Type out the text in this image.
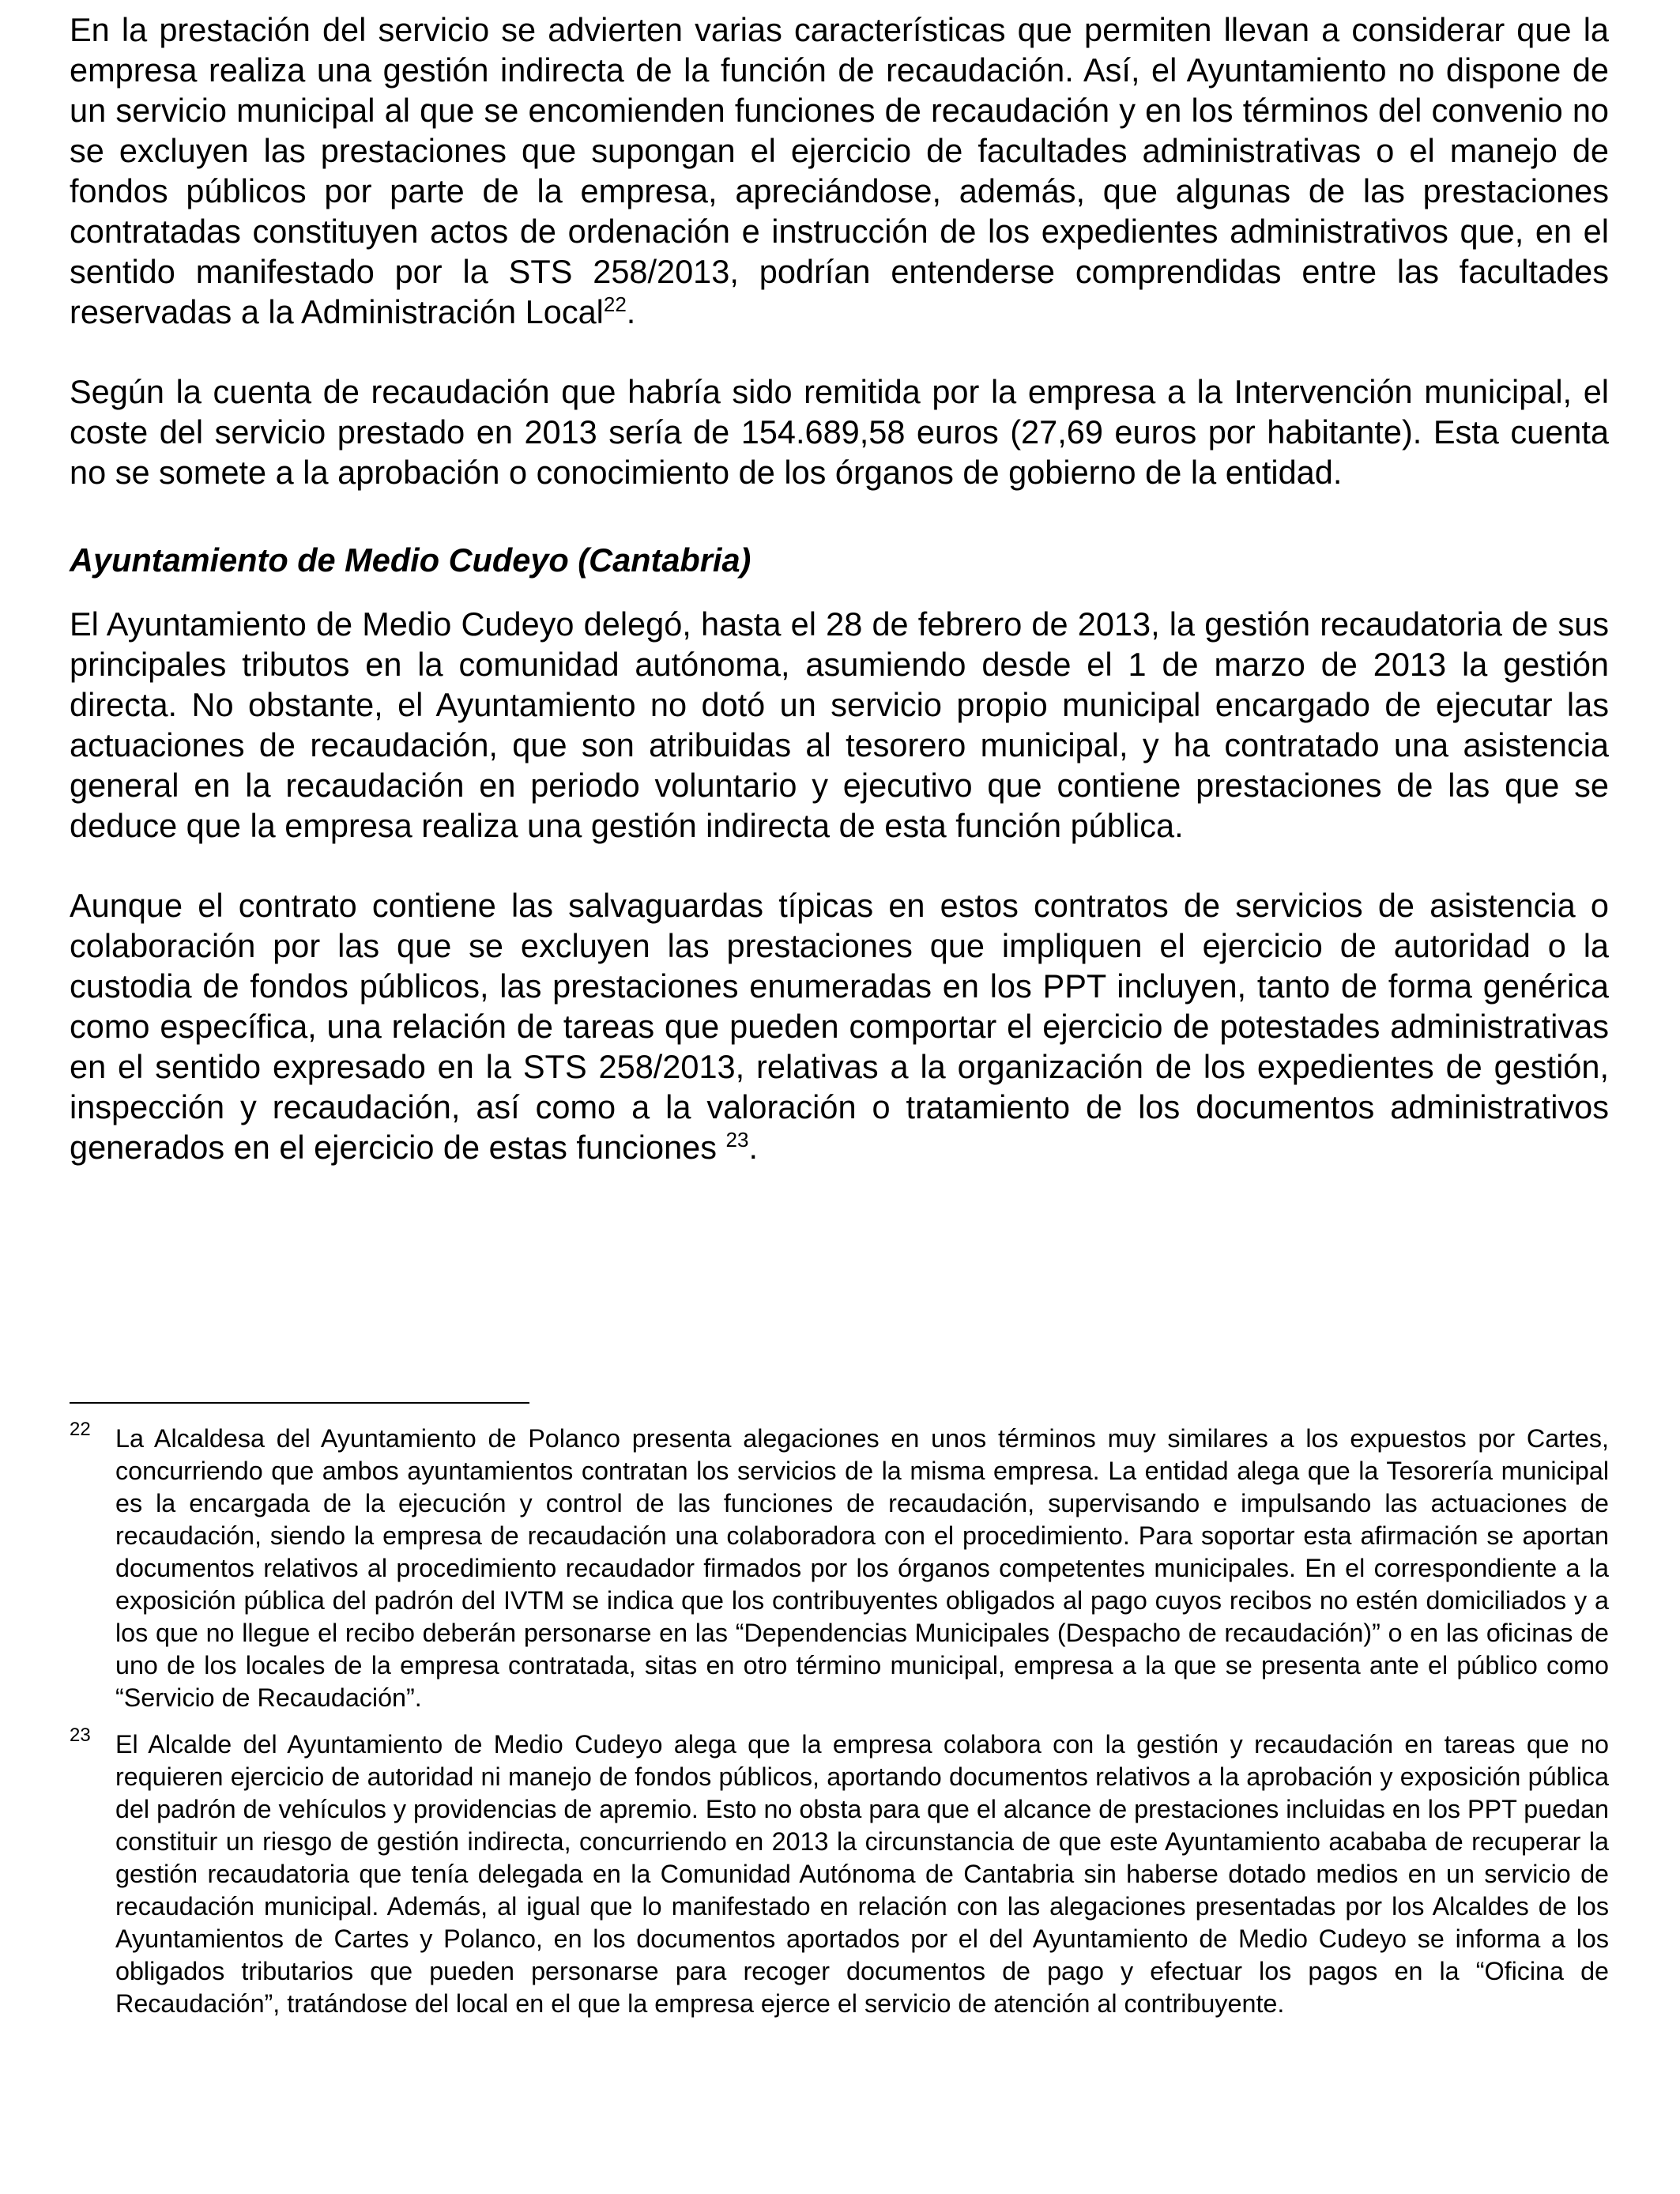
En la prestación del servicio se advierten varias características que permiten llevan a considerar que la empresa realiza una gestión indirecta de la función de recaudación. Así, el Ayuntamiento no dispone de un servicio municipal al que se encomienden funciones de recaudación y en los términos del convenio no se excluyen las prestaciones que supongan el ejercicio de facultades administrativas o el manejo de fondos públicos por parte de la empresa, apreciándose, además, que algunas de las prestaciones contratadas constituyen actos de ordenación e instrucción de los expedientes administrativos que, en el sentido manifestado por la STS 258/2013, podrían entenderse comprendidas entre las facultades reservadas a la Administración Local$^{22}$.

Según la cuenta de recaudación que habría sido remitida por la empresa a la Intervención municipal, el coste del servicio prestado en 2013 sería de 154.689,58 euros (27,69 euros por habitante). Esta cuenta no se somete a la aprobación o conocimiento de los órganos de gobierno de la entidad.

Ayuntamiento de Medio Cudeyo (Cantabria)

El Ayuntamiento de Medio Cudeyo delegó, hasta el 28 de febrero de 2013, la gestión recaudatoria de sus principales tributos en la comunidad autónoma, asumiendo desde el 1 de marzo de 2013 la gestión directa. No obstante, el Ayuntamiento no dotó un servicio propio municipal encargado de ejecutar las actuaciones de recaudación, que son atribuidas al tesorero municipal, y ha contratado una asistencia general en la recaudación en periodo voluntario y ejecutivo que contiene prestaciones de las que se deduce que la empresa realiza una gestión indirecta de esta función pública.

Aunque el contrato contiene las salvaguardas típicas en estos contratos de servicios de asistencia o colaboración por las que se excluyen las prestaciones que impliquen el ejercicio de autoridad o la custodia de fondos públicos, las prestaciones enumeradas en los PPT incluyen, tanto de forma genérica como específica, una relación de tareas que pueden comportar el ejercicio de potestades administrativas en el sentido expresado en la STS 258/2013, relativas a la organización de los expedientes de gestión, inspección y recaudación, así como a la valoración o tratamiento de los documentos administrativos generados en el ejercicio de estas funciones $^{23}$.

22 La Alcaldesa del Ayuntamiento de Polanco presenta alegaciones en unos términos muy similares a los expuestos por Cartes, concurriendo que ambos ayuntamientos contratan los servicios de la misma empresa. La entidad alega que la Tesorería municipal es la encargada de la ejecución y control de las funciones de recaudación, supervisando e impulsando las actuaciones de recaudación, siendo la empresa de recaudación una colaboradora con el procedimiento. Para soportar esta afirmación se aportan documentos relativos al procedimiento recaudador firmados por los órganos competentes municipales. En el correspondiente a la exposición pública del padrón del IVTM se indica que los contribuyentes obligados al pago cuyos recibos no estén domiciliados y a los que no llegue el recibo deberán personarse en las “Dependencias Municipales (Despacho de recaudación)” o en las oficinas de uno de los locales de la empresa contratada, sitas en otro término municipal, empresa a la que se presenta ante el público como “Servicio de Recaudación”.

23 El Alcalde del Ayuntamiento de Medio Cudeyo alega que la empresa colabora con la gestión y recaudación en tareas que no requieren ejercicio de autoridad ni manejo de fondos públicos, aportando documentos relativos a la aprobación y exposición pública del padrón de vehículos y providencias de apremio. Esto no obsta para que el alcance de prestaciones incluidas en los PPT puedan constituir un riesgo de gestión indirecta, concurriendo en 2013 la circunstancia de que este Ayuntamiento acababa de recuperar la gestión recaudatoria que tenía delegada en la Comunidad Autónoma de Cantabria sin haberse dotado medios en un servicio de recaudación municipal. Además, al igual que lo manifestado en relación con las alegaciones presentadas por los Alcaldes de los Ayuntamientos de Cartes y Polanco, en los documentos aportados por el del Ayuntamiento de Medio Cudeyo se informa a los obligados tributarios que pueden personarse para recoger documentos de pago y efectuar los pagos en la “Oficina de Recaudación”, tratándose del local en el que la empresa ejerce el servicio de atención al contribuyente.
